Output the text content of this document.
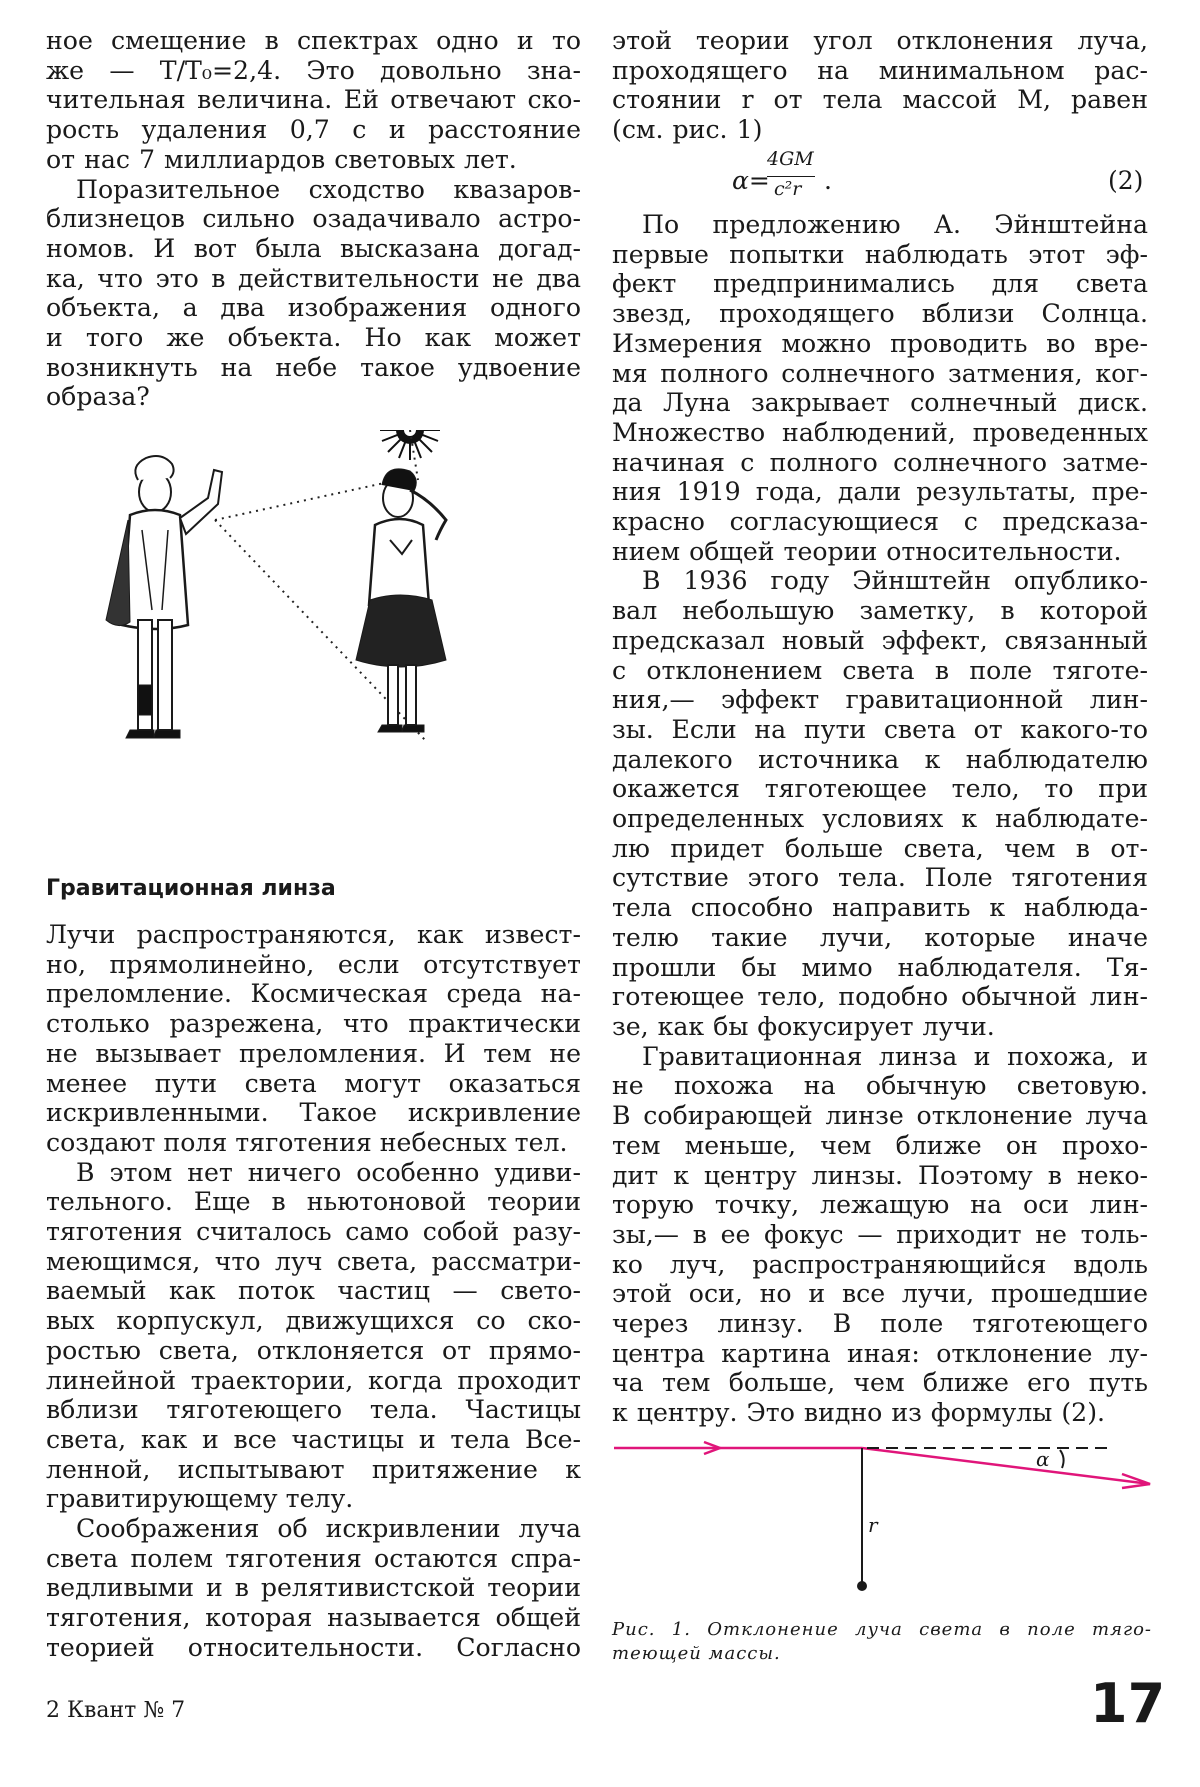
ное смещение в спектрах одно и то
же — T/T₀=2,4. Это довольно зна-
чительная величина. Ей отвечают ско-
рость удаления 0,7 c и расстояние
от нас 7 миллиардов световых лет.

Поразительное сходство квазаров-

близнецов сильно озадачивало астро-
номов. И вот была высказана догад-
ка, что это в действительности не два
объекта, а два изображения одного
и того же объекта. Но как может
возникнуть на небе такое удвоение
образа?

Гравитационная линза

Лучи распространяются, как извест-
но, прямолинейно, если отсутствует
преломление. Космическая среда на-
столько разрежена, что практически
не вызывает преломления. И тем не
менее пути света могут оказаться
искривленными. Такое искривление
создают поля тяготения небесных тел.

В этом нет ничего особенно удиви-

тельного. Еще в ньютоновой теории
тяготения считалось само собой разу-
меющимся, что луч света, рассматри-
ваемый как поток частиц — свето-
вых корпускул, движущихся со ско-
ростью света, отклоняется от прямо-
линейной траектории, когда проходит
вблизи тяготеющего тела. Частицы
света, как и все частицы и тела Все-
ленной, испытывают притяжение к
гравитирующему телу.

Соображения об искривлении луча

света полем тяготения остаются спра-
ведливыми и в релятивистской теории
тяготения, которая называется общей
теорией относительности. Согласно

этой теории угол отклонения луча,
проходящего на минимальном рас-
стоянии r от тела массой M, равен
(см. рис. 1)

α=
4GM
c²r .	(2)

По предложению А. Эйнштейна

первые попытки наблюдать этот эф-
фект предпринимались для света
звезд, проходящего вблизи Солнца.
Измерения можно проводить во вре-
мя полного солнечного затмения, ког-
да Луна закрывает солнечный диск.
Множество наблюдений, проведенных
начиная с полного солнечного затме-
ния 1919 года, дали результаты, пре-
красно согласующиеся с предсказа-
нием общей теории относительности.

В 1936 году Эйнштейн опублико-

вал небольшую заметку, в которой
предсказал новый эффект, связанный
с отклонением света в поле тяготе-
ния,— эффект гравитационной лин-
зы. Если на пути света от какого-то
далекого источника к наблюдателю
окажется тяготеющее тело, то при
определенных условиях к наблюдате-
лю придет больше света, чем в от-
сутствие этого тела. Поле тяготения
тела способно направить к наблюда-
телю такие лучи, которые иначе
прошли бы мимо наблюдателя. Тя-
готеющее тело, подобно обычной лин-
зе, как бы фокусирует лучи.

Гравитационная линза и похожа, и

не похожа на обычную световую.
В собирающей линзе отклонение луча
тем меньше, чем ближе он прохо-
дит к центру линзы. Поэтому в неко-
торую точку, лежащую на оси лин-
зы,— в ее фокус — приходит не толь-
ко луч, распространяющийся вдоль
этой оси, но и все лучи, прошедшие
через линзу. В поле тяготеющего
центра картина иная: отклонение лу-
ча тем больше, чем ближе его путь
к центру. Это видно из формулы (2).

α
r
Рис. 1. Отклонение луча света в поле тяго-
теющей массы.
2 Квант № 7	17
